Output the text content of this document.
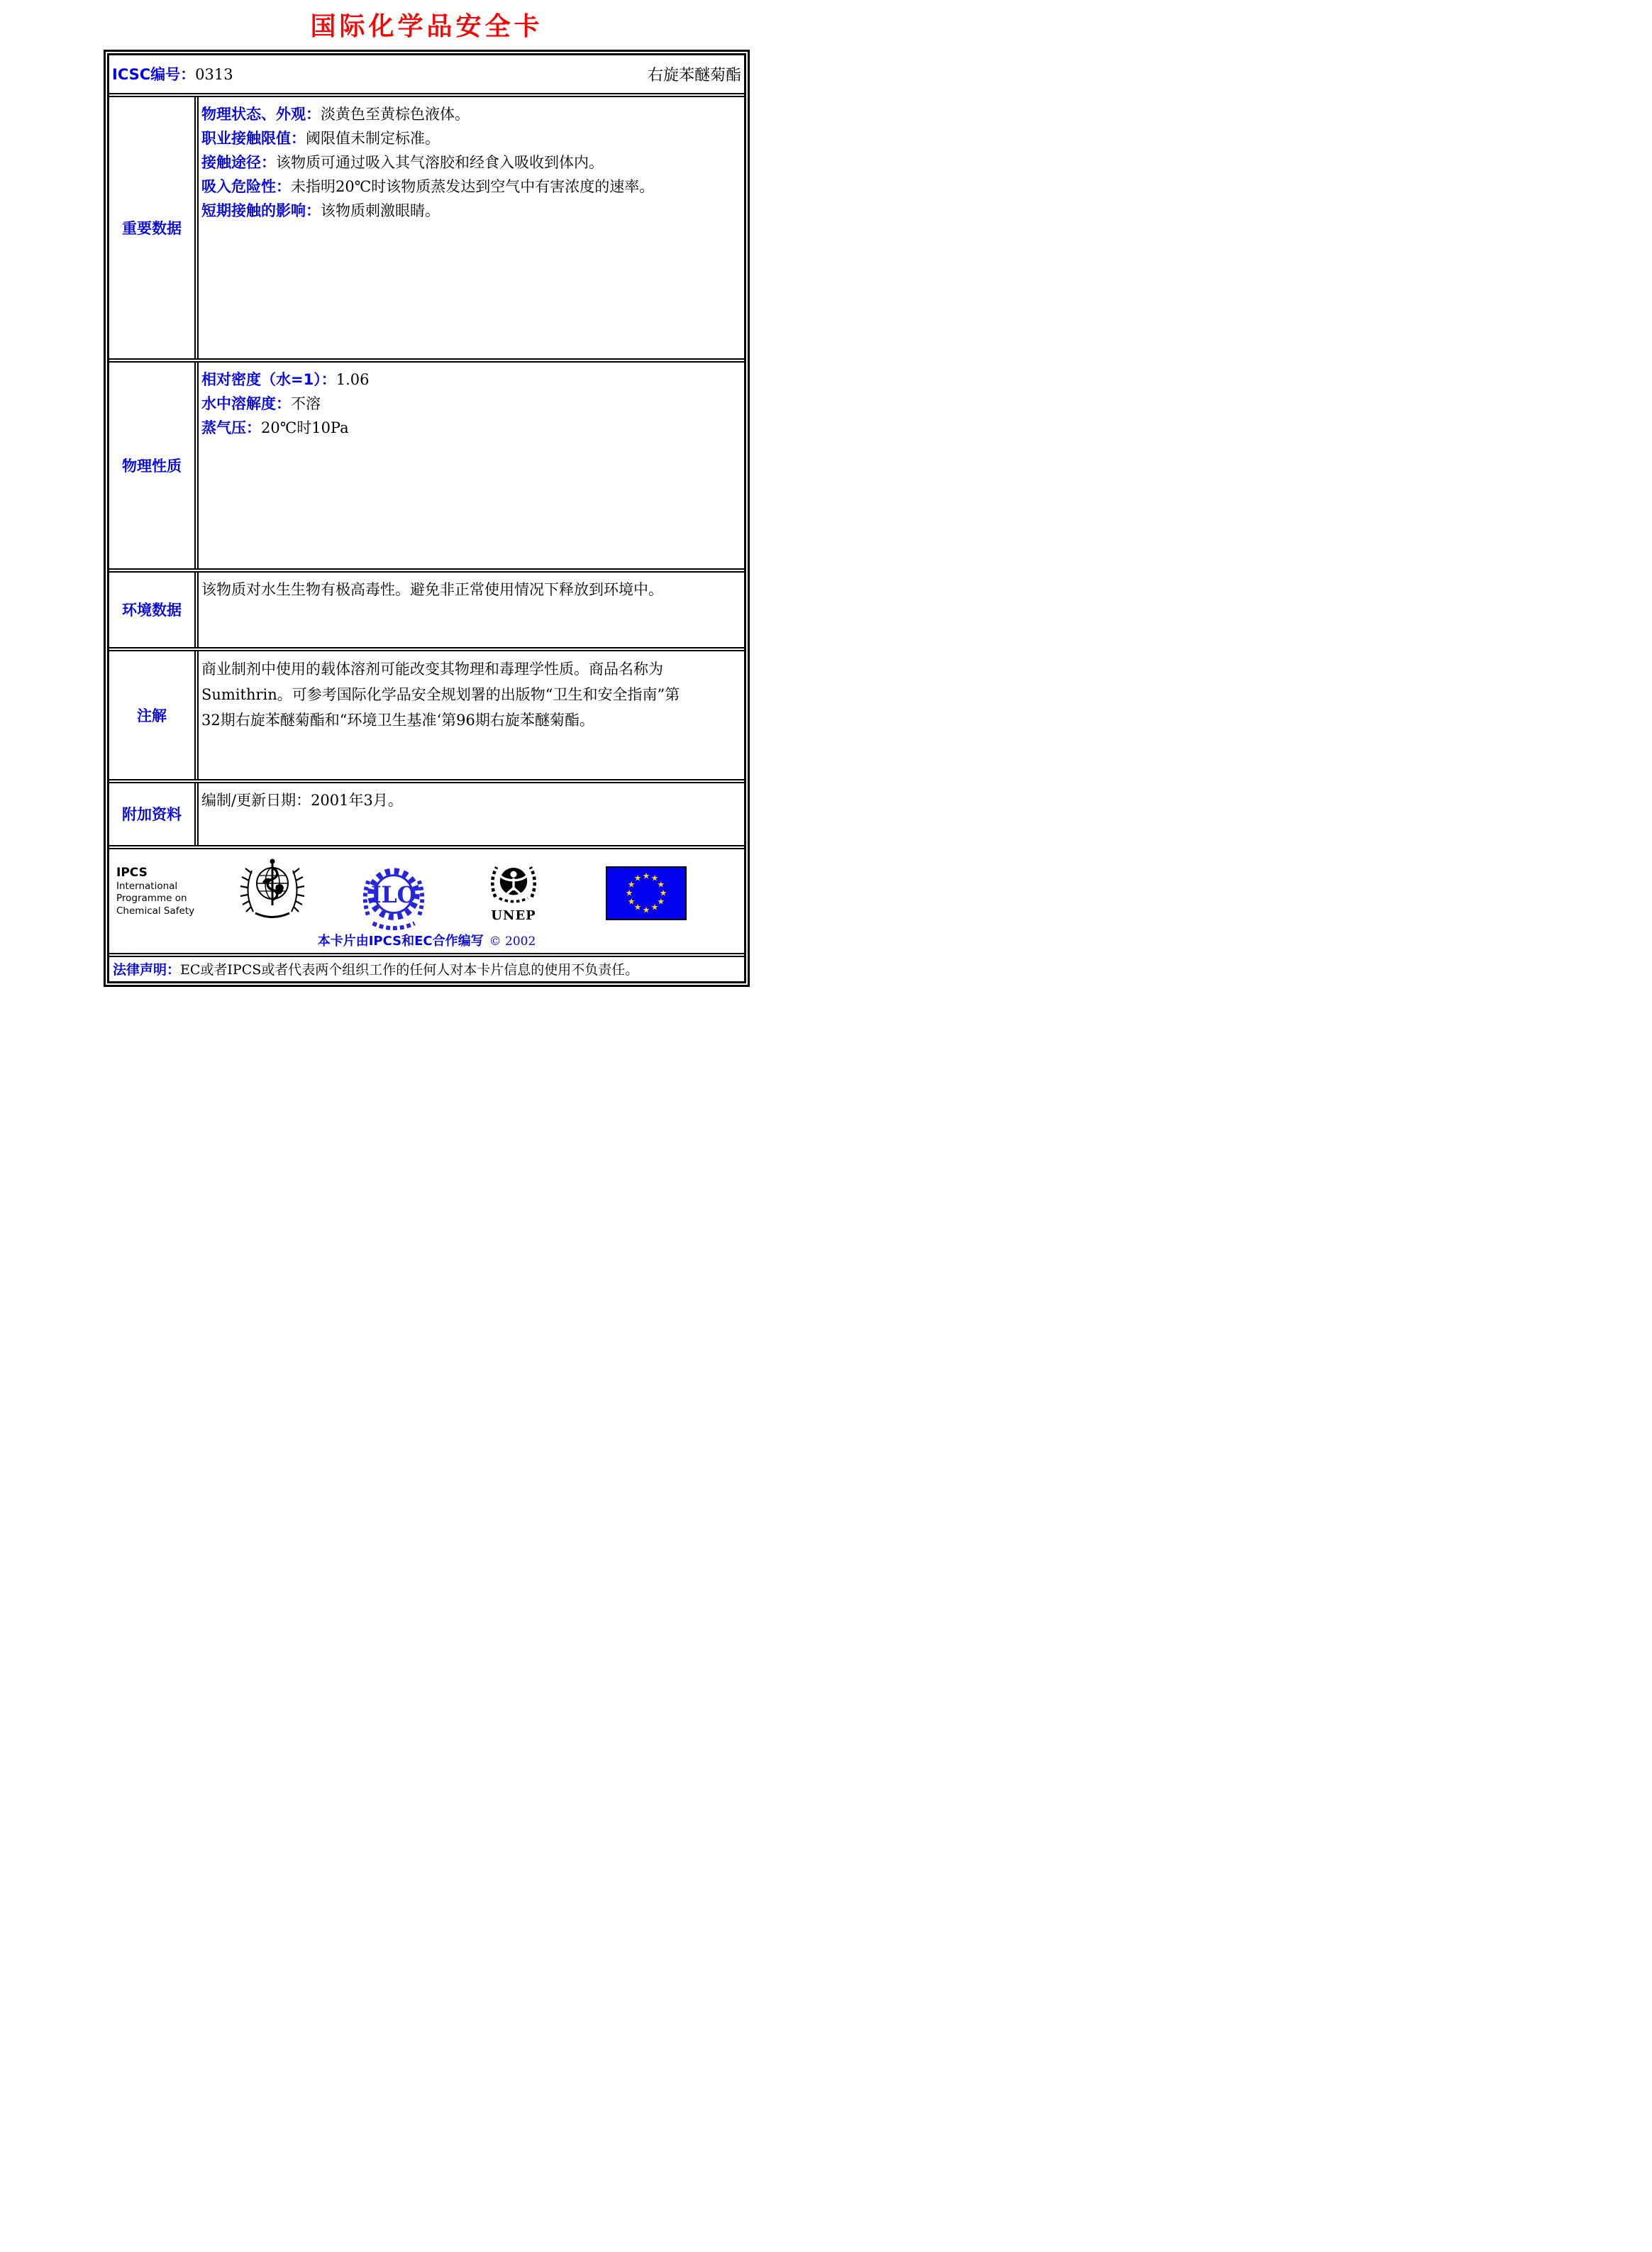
国际化学品安全卡
ICSC编号：0313	右旋苯醚菊酯
重要数据
物理状态、外观：淡黄色至黄棕色液体。
职业接触限值：阈限值未制定标准。
接触途径：该物质可通过吸入其气溶胶和经食入吸收到体内。
吸入危险性：未指明20℃时该物质蒸发达到空气中有害浓度的速率。
短期接触的影响：该物质刺激眼睛。
物理性质
相对密度（水=1）：1.06
水中溶解度：不溶
蒸气压：20℃时10Pa
环境数据
该物质对水生生物有极高毒性。避免非正常使用情况下释放到环境中。
注解
商业制剂中使用的载体溶剂可能改变其物理和毒理学性质。商品名称为Sumithrin。可参考国际化学品安全规划署的出版物“卫生和安全指南”第32期右旋苯醚菊酯和“环境卫生基准‘第96期右旋苯醚菊酯。
附加资料
编制/更新日期：2001年3月。
IPCS
International
Programme on
Chemical Safety
ILO
UNEP
★ ★
★
★
★
★
★
★
★
★
★
★
本卡片由IPCS和EC合作编写 © 2002
法律声明： EC或者IPCS或者代表两个组织工作的任何人对本卡片信息的使用不负责任。
